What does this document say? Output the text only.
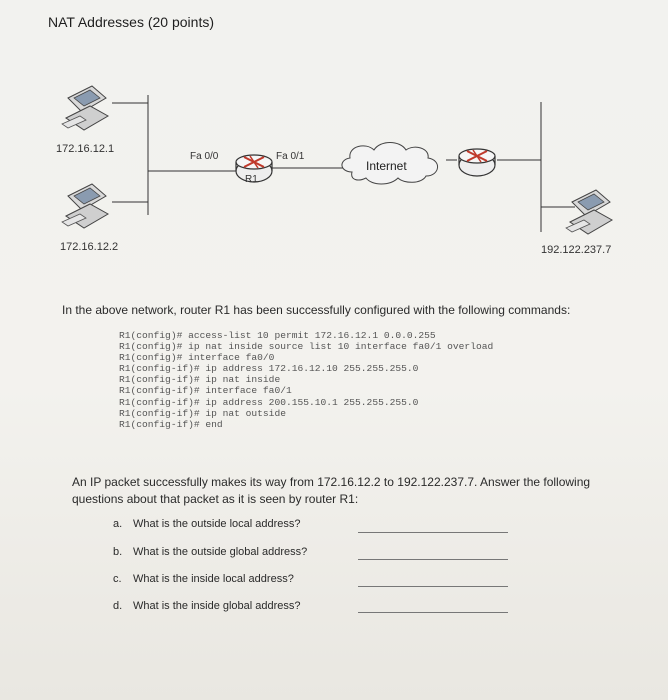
NAT Addresses (20 points)
172.16.12.1
172.16.12.2	192.122.237.7
Fa 0/0	Fa 0/1
R1
Internet
In the above network, router R1 has been successfully configured with the following commands:
R1(config)# access-list 10 permit 172.16.12.1 0.0.0.255
R1(config)# ip nat inside source list 10 interface fa0/1 overload
R1(config)# interface fa0/0
R1(config-if)# ip address 172.16.12.10 255.255.255.0
R1(config-if)# ip nat inside
R1(config-if)# interface fa0/1
R1(config-if)# ip address 200.155.10.1 255.255.255.0
R1(config-if)# ip nat outside
R1(config-if)# end
An IP packet successfully makes its way from 172.16.12.2 to 192.122.237.7. Answer the following questions about that packet as it is seen by router R1:
a. What is the outside local address?
b. What is the outside global address?
c. What is the inside local address?
d. What is the inside global address?
